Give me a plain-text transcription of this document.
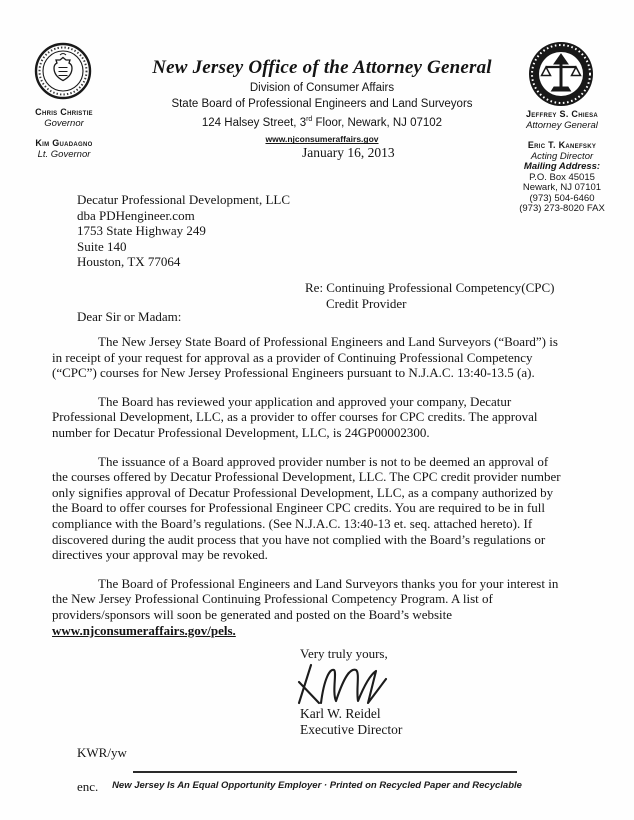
Chris Christie
Governor
Kim Guadagno
Lt. Governor
New Jersey Office of the Attorney General
Division of Consumer Affairs
State Board of Professional Engineers and Land Surveyors
124 Halsey Street, 3rd Floor, Newark, NJ 07102
www.njconsumeraffairs.gov
January 16, 2013
Jeffrey S. Chiesa
Attorney General
Eric T. Kanefsky
Acting Director
Mailing Address:
P.O. Box 45015
Newark, NJ 07101
(973) 504-6460
(973) 273-8020 FAX
Decatur Professional Development, LLC
dba PDHengineer.com
1753 State Highway 249
Suite 140
Houston, TX 77064
Re: Continuing Professional Competency(CPC)
Credit Provider
Dear Sir or Madam:

The New Jersey State Board of Professional Engineers and Land Surveyors (“Board”) is in receipt of your request for approval as a provider of Continuing Professional Competency (“CPC”) courses for New Jersey Professional Engineers pursuant to N.J.A.C. 13:40-13.5 (a).

The Board has reviewed your application and approved your company, Decatur Professional Development, LLC, as a provider to offer courses for CPC credits. The approval number for Decatur Professional Development, LLC, is 24GP00002300.

The issuance of a Board approved provider number is not to be deemed an approval of the courses offered by Decatur Professional Development, LLC. The CPC credit provider number only signifies approval of Decatur Professional Development, LLC, as a company authorized by the Board to offer courses for Professional Engineer CPC credits. You are required to be in full compliance with the Board’s regulations. (See N.J.A.C. 13:40-13 et. seq. attached hereto). If discovered during the audit process that you have not complied with the Board’s regulations or directives your approval may be revoked.

The Board of Professional Engineers and Land Surveyors thanks you for your interest in the New Jersey Professional Continuing Professional Competency Program. A list of providers/sponsors will soon be generated and posted on the Board’s website www.njconsumeraffairs.gov/pels.

Very truly yours,
Karl W. Reidel
Executive Director
KWR/yw
enc.	New Jersey Is An Equal Opportunity Employer · Printed on Recycled Paper and Recyclable
